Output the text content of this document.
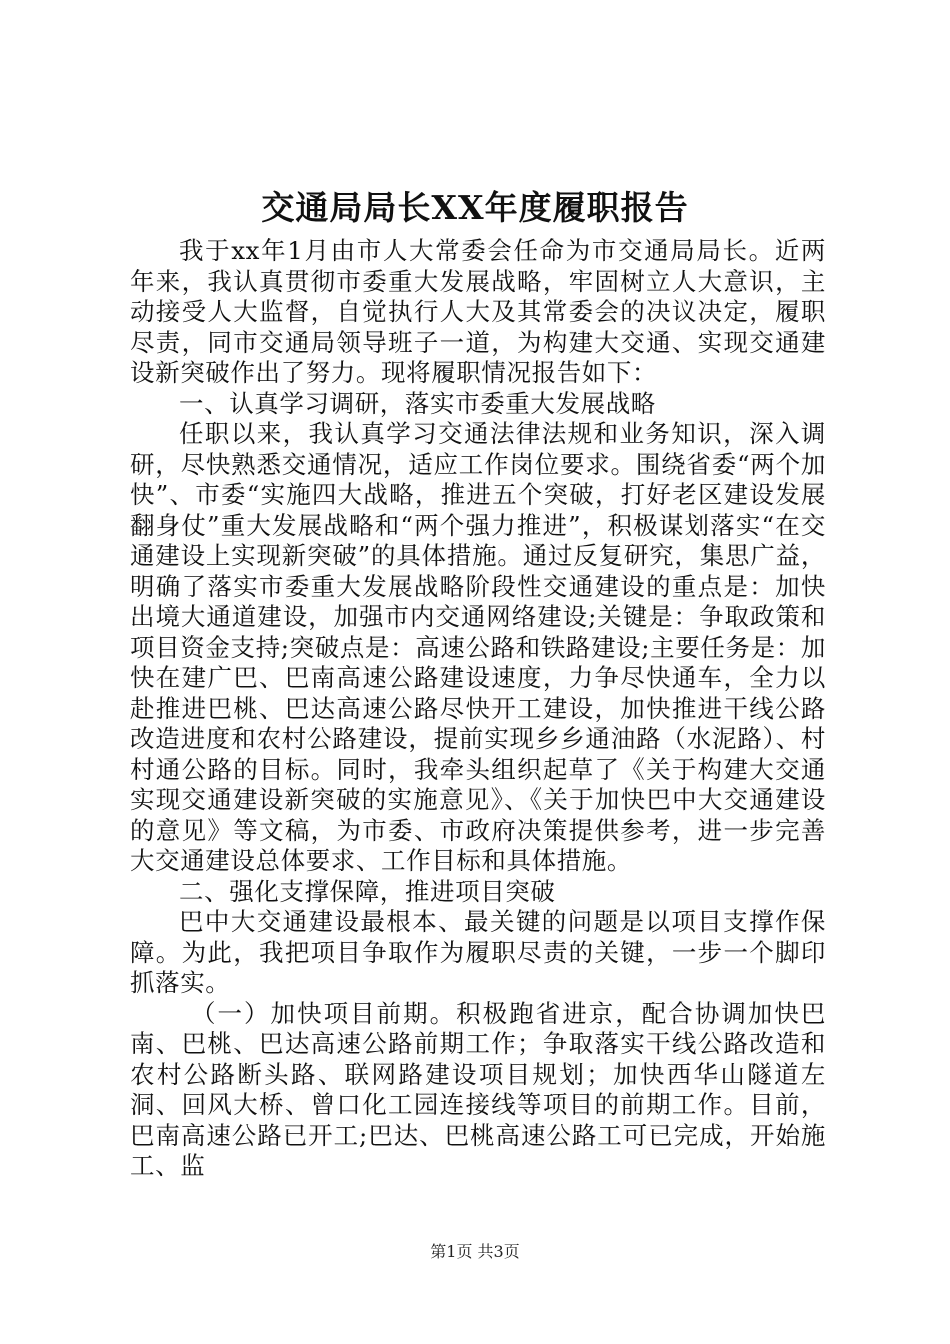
交通局局长XX年度履职报告

我于xx年1月由市人大常委会任命为市交通局局长。近两年来，我认真贯彻市委重大发展战略，牢固树立人大意识，主动接受人大监督，自觉执行人大及其常委会的决议决定，履职尽责，同市交通局领导班子一道，为构建大交通、实现交通建设新突破作出了努力。现将履职情况报告如下：

一、认真学习调研，落实市委重大发展战略

任职以来，我认真学习交通法律法规和业务知识，深入调研，尽快熟悉交通情况，适应工作岗位要求。围绕省委“两个加快”、市委“实施四大战略，推进五个突破，打好老区建设发展翻身仗”重大发展战略和“两个强力推进”，积极谋划落实“在交通建设上实现新突破”的具体措施。通过反复研究，集思广益，明确了落实市委重大发展战略阶段性交通建设的重点是：加快出境大通道建设，加强市内交通网络建设;关键是：争取政策和项目资金支持;突破点是：高速公路和铁路建设;主要任务是：加快在建广巴、巴南高速公路建设速度，力争尽快通车，全力以赴推进巴桃、巴达高速公路尽快开工建设，加快推进干线公路改造进度和农村公路建设，提前实现乡乡通油路（水泥路）、村村通公路的目标。同时，我牵头组织起草了《关于构建大交通实现交通建设新突破的实施意见》、《关于加快巴中大交通建设的意见》等文稿，为市委、市政府决策提供参考，进一步完善大交通建设总体要求、工作目标和具体措施。

二、强化支撑保障，推进项目突破

巴中大交通建设最根本、最关键的问题是以项目支撑作保障。为此，我把项目争取作为履职尽责的关键，一步一个脚印抓落实。

（一）加快项目前期。积极跑省进京，配合协调加快巴南、巴桃、巴达高速公路前期工作；争取落实干线公路改造和农村公路断头路、联网路建设项目规划；加快西华山隧道左洞、回风大桥、曾口化工园连接线等项目的前期工作。目前，巴南高速公路已开工;巴达、巴桃高速公路工可已完成，开始施工、监

第1页 共3页
